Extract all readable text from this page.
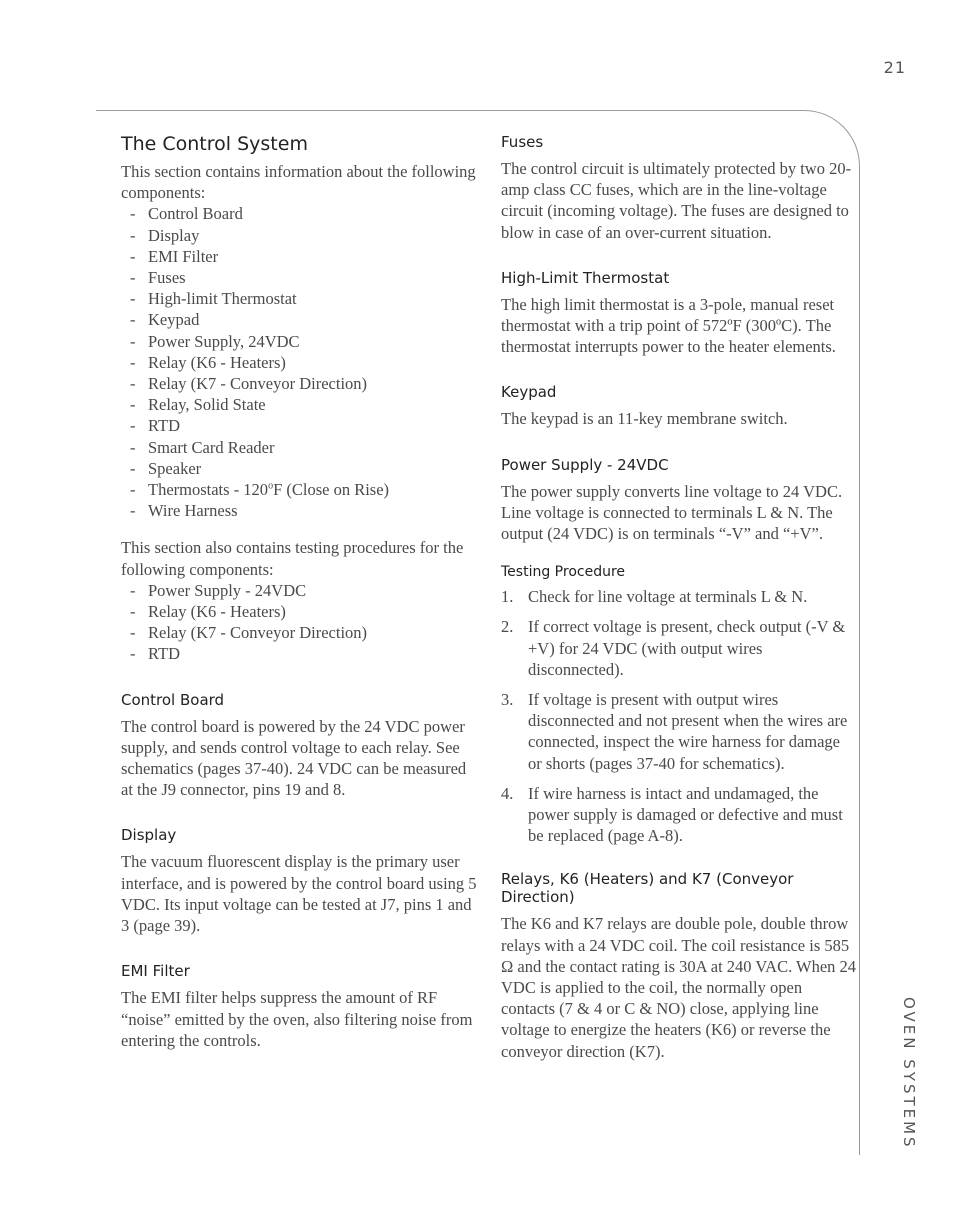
21
OVEN SYSTEMS
The Control System

This section contains information about the following components:

- Control Board
- Display
- EMI Filter
- Fuses
- High-limit Thermostat
- Keypad
- Power Supply, 24VDC
- Relay (K6 - Heaters)
- Relay (K7 - Conveyor Direction)
- Relay, Solid State
- RTD
- Smart Card Reader
- Speaker
- Thermostats - 120$^o$F (Close on Rise)
- Wire Harness

This section also contains testing procedures for the following components:

- Power Supply - 24VDC
- Relay (K6 - Heaters)
- Relay (K7 - Conveyor Direction)
- RTD
Control Board

The control board is powered by the 24 VDC power supply, and sends control voltage to each relay. See schematics (pages 37-40). 24 VDC can be measured at the J9 connector, pins 19 and 8.

Display

The vacuum fluorescent display is the primary user interface, and is powered by the control board using 5 VDC. Its input voltage can be tested at J7, pins 1 and 3 (page 39).

EMI Filter

The EMI filter helps suppress the amount of RF “noise” emitted by the oven, also filtering noise from entering the controls.

Fuses

The control circuit is ultimately protected by two 20-amp class CC fuses, which are in the line-voltage circuit (incoming voltage). The fuses are designed to blow in case of an over-current situation.

High-Limit Thermostat

The high limit thermostat is a 3-pole, manual reset thermostat with a trip point of 572ºF (300ºC). The thermostat interrupts power to the heater elements.

Keypad

The keypad is an 11-key membrane switch.

Power Supply - 24VDC

The power supply converts line voltage to 24 VDC. Line voltage is connected to terminals L & N. The output (24 VDC) is on terminals “-V” and “+V”.

Testing Procedure
1. Check for line voltage at terminals L & N.
2. If correct voltage is present, check output (-V & +V) for 24 VDC (with output wires disconnected).
3. If voltage is present with output wires disconnected and not present when the wires are connected, inspect the wire harness for damage or shorts (pages 37-40 for schematics).
4. If wire harness is intact and undamaged, the power supply is damaged or defective and must be replaced (page A-8).
Relays, K6 (Heaters) and K7 (Conveyor Direction)

The K6 and K7 relays are double pole, double throw relays with a 24 VDC coil. The coil resistance is 585 Ω and the contact rating is 30A at 240 VAC. When 24 VDC is applied to the coil, the normally open contacts (7 & 4 or C & NO) close, applying line voltage to energize the heaters (K6) or reverse the conveyor direction (K7).
